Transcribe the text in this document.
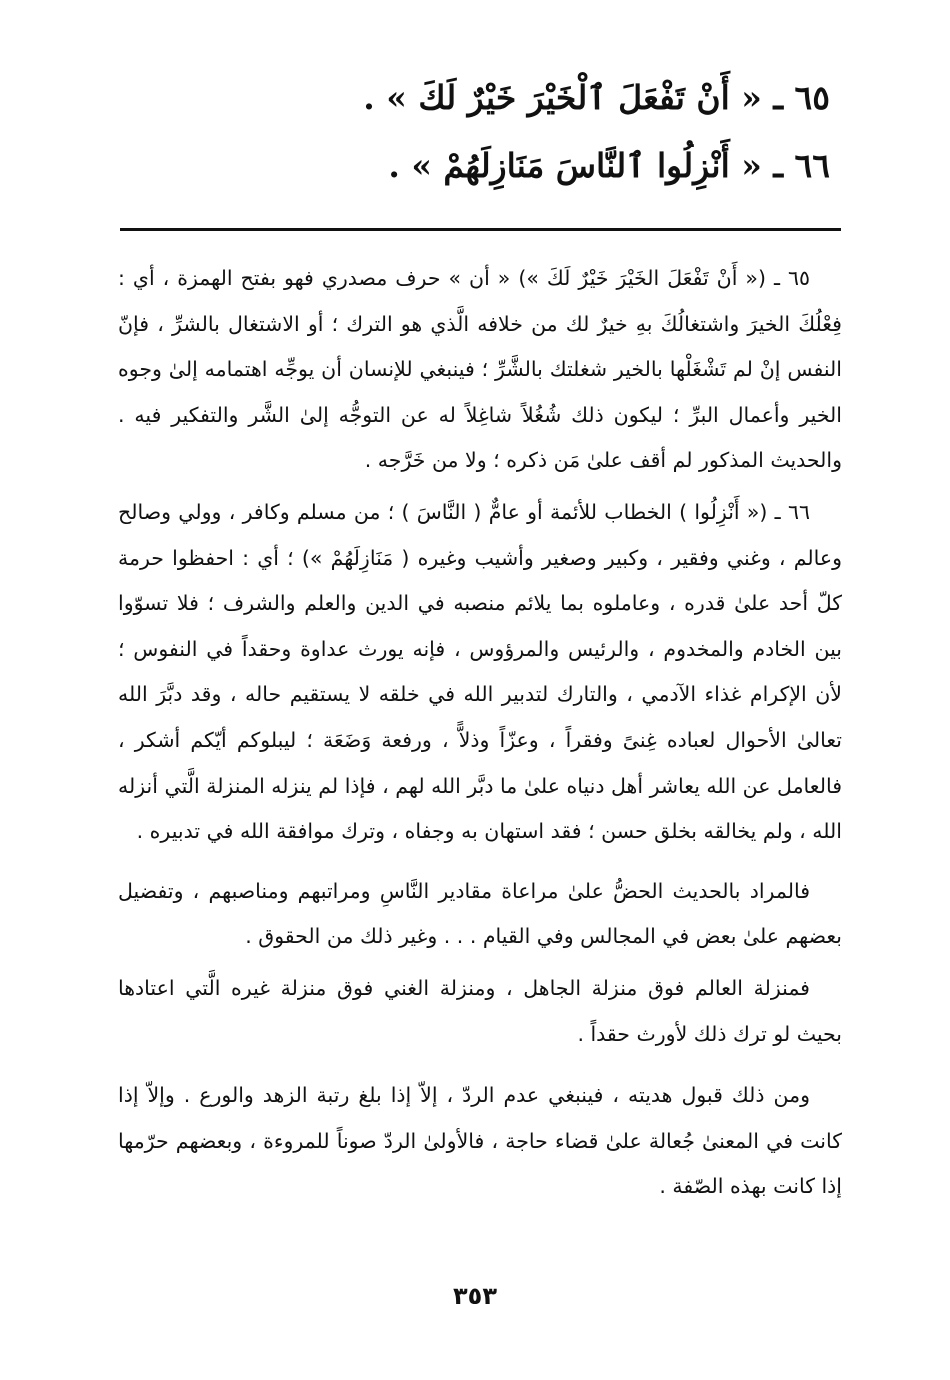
٦٥ ـ « أَنْ تَفْعَلَ ٱلْخَيْرَ خَيْرٌ لَكَ » .
٦٦ ـ « أَنْزِلُوا ٱلنَّاسَ مَنَازِلَهُمْ » .

٦٥ ـ (« أَنْ تَفْعَلَ الخَيْرَ خَيْرٌ لَكَ ») « أن » حرف مصدري فهو بفتح الهمزة ، أي : فِعْلُكَ الخيرَ واشتغالُكَ بهِ خيرٌ لك من خلافه الَّذي هو الترك ؛ أو الاشتغال بالشرِّ ، فإنّ النفس إنْ لم تَشْغَلْها بالخير شغلتك بالشَّرِّ ؛ فينبغي للإنسان أن يوجِّه اهتمامه إلىٰ وجوه الخير وأعمال البرِّ ؛ ليكون ذلك شُغُلاً شاغِلاً له عن التوجُّه إلىٰ الشَّر والتفكير فيه . والحديث المذكور لم أقف علىٰ مَن ذكره ؛ ولا من خَرَّجه .

٦٦ ـ (« أَنْزِلُوا ) الخطاب للأئمة أو عامٌّ ( النَّاسَ ) ؛ من مسلم وكافر ، وولي وصالح وعالم ، وغني وفقير ، وكبير وصغير وأشيب وغيره ( مَنَازِلَهُمْ ») ؛ أي : احفظوا حرمة كلّ أحد علىٰ قدره ، وعاملوه بما يلائم منصبه في الدين والعلم والشرف ؛ فلا تسوّوا بين الخادم والمخدوم ، والرئيس والمرؤوس ، فإنه يورث عداوة وحقداً في النفوس ؛ لأن الإكرام غذاء الآدمي ، والتارك لتدبير الله في خلقه لا يستقيم حاله ، وقد دبَّرَ الله تعالىٰ الأحوال لعباده غِنىً وفقراً ، وعزّاً وذلاًّ ، ورفعة وَضَعَة ؛ ليبلوكم أيّكم أشكر ، فالعامل عن الله يعاشر أهل دنياه علىٰ ما دبَّر الله لهم ، فإذا لم ينزله المنزلة الَّتي أنزله الله ، ولم يخالقه بخلق حسن ؛ فقد استهان به وجفاه ، وترك موافقة الله في تدبيره .

فالمراد بالحديث الحضُّ علىٰ مراعاة مقادير النَّاسِ ومراتبهم ومناصبهم ، وتفضيل بعضهم علىٰ بعض في المجالس وفي القيام . . . وغير ذلك من الحقوق .

فمنزلة العالم فوق منزلة الجاهل ، ومنزلة الغني فوق منزلة غيره الَّتي اعتادها بحيث لو ترك ذلك لأورث حقداً .

ومن ذلك قبول هديته ، فينبغي عدم الردّ ، إلاّ إذا بلغ رتبة الزهد والورع . وإلاّ إذا كانت في المعنىٰ جُعالة علىٰ قضاء حاجة ، فالأولىٰ الردّ صوناً للمروءة ، وبعضهم حرّمها إذا كانت بهذه الصّفة .

٣٥٣
